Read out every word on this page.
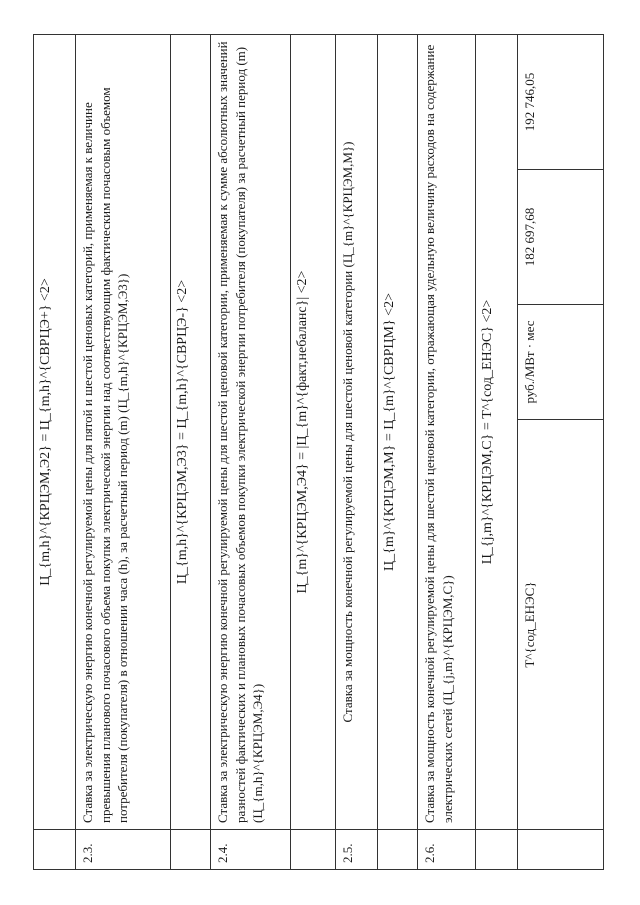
	Ц_{m,h}^{КРЦЭМ,Э2} = Ц_{m,h}^{СВРЦЭ+} <2>			
2.3.	Ставка за электрическую энергию конечной регулируемой цены для пятой и шестой ценовых категорий, применяемая к величине превышения планового почасового объема покупки электрической энергии над соответствующим фактическим почасовым объемом потребителя (покупателя) в отношении часа (h), за расчетный период (m) (Ц_{m,h}^{КРЦЭМ,Э3})			
	Ц_{m,h}^{КРЦЭМ,Э3} = Ц_{m,h}^{СВРЦЭ-} <2>			
2.4.	Ставка за электрическую энергию конечной регулируемой цены для шестой ценовой категории, применяемая к сумме абсолютных значений разностей фактических и плановых почасовых объемов покупки электрической энергии потребителя (покупателя) за расчетный период (m) (Ц_{m,h}^{КРЦЭМ,Э4})			
	Ц_{m}^{КРЦЭМ,Э4} = |Ц_{m}^{факт,небаланс}| <2>			
2.5.	Ставка за мощность конечной регулируемой цены для шестой ценовой категории (Ц_{m}^{КРЦЭМ,М})			
	Ц_{m}^{КРЦЭМ,М} = Ц_{m}^{СВРЦМ} <2>			
2.6.	Ставка за мощность конечной регулируемой цены для шестой ценовой категории, отражающая удельную величину расходов на содержание электрических сетей (Ц_{j,m}^{КРЦЭМ,С})			
	Ц_{j,m}^{КРЦЭМ,С} = T^{сод_ЕНЭС} <2>			
	T^{сод_ЕНЭС}	руб./МВт · мес	182 697,68	192 746,05
